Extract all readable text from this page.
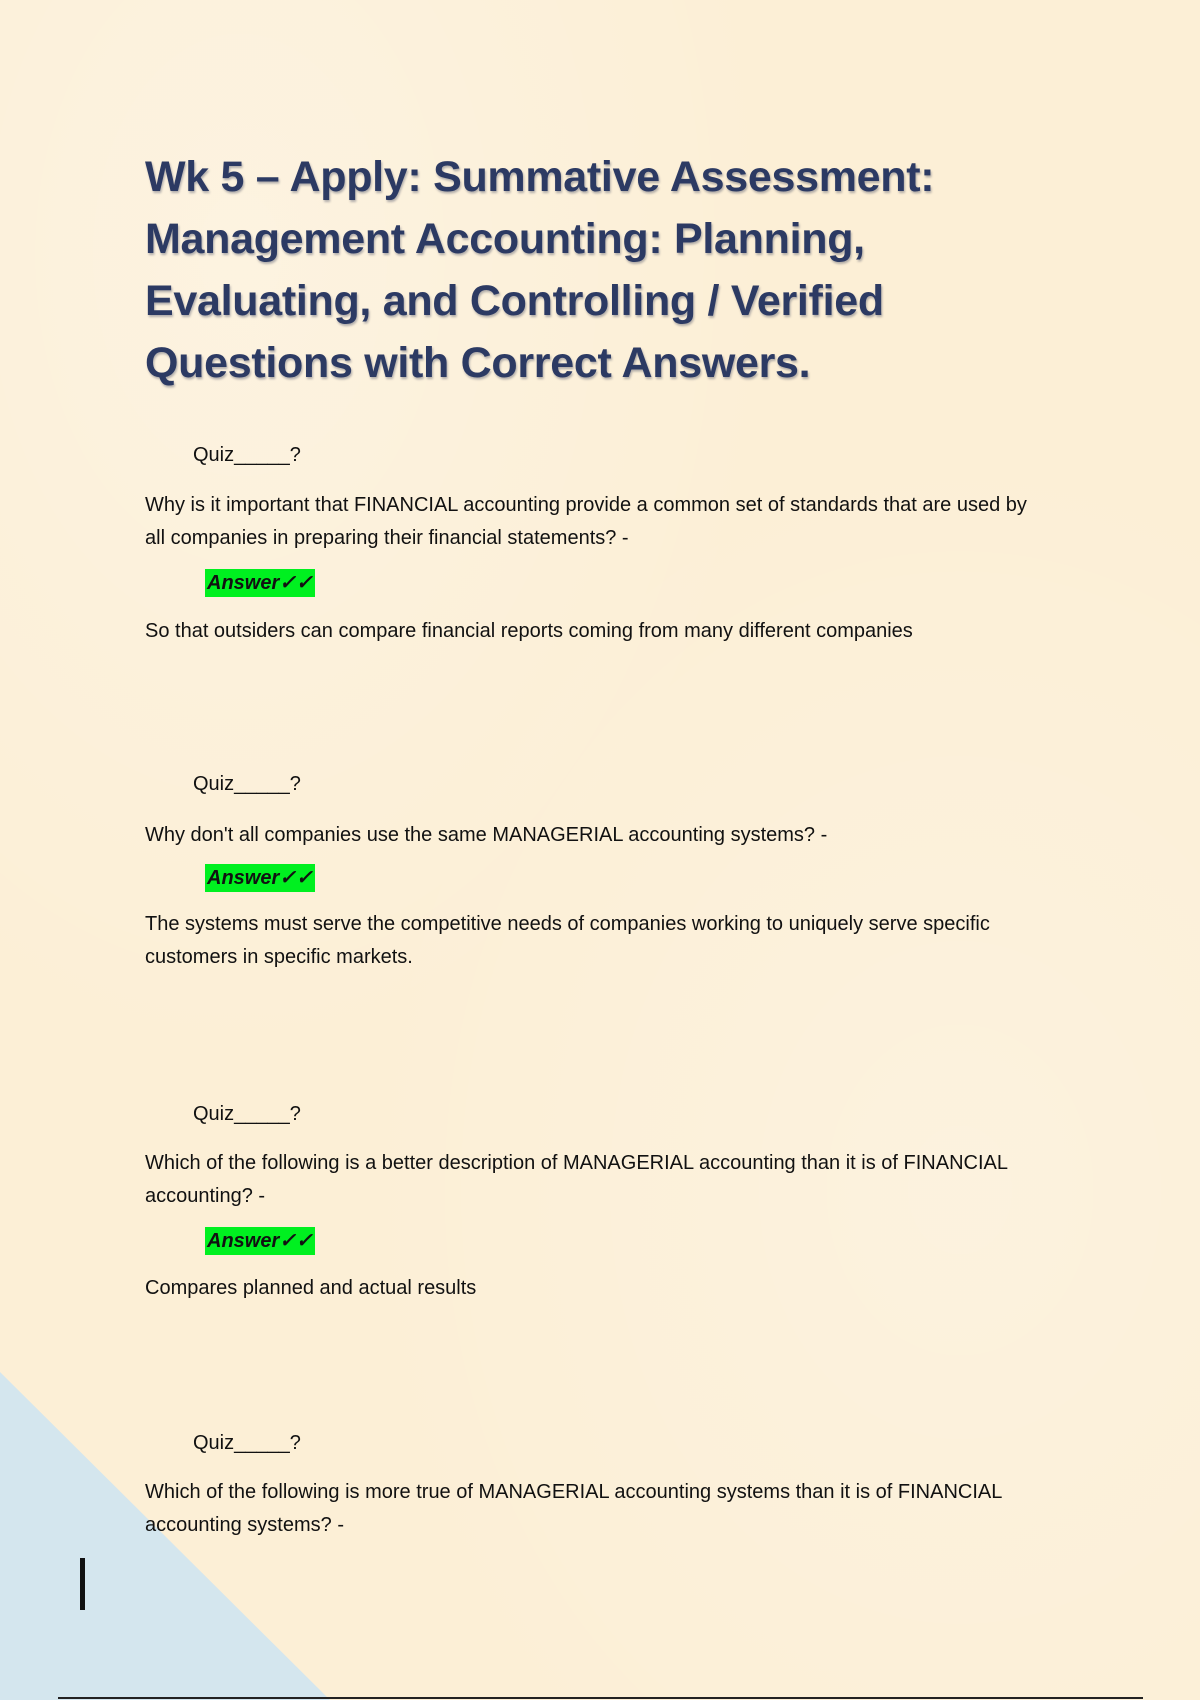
Wk 5 – Apply: Summative Assessment: Management Accounting: Planning, Evaluating, and Controlling / Verified Questions with Correct Answers.
Quiz_____?

Why is it important that FINANCIAL accounting provide a common set of standards that are used by all companies in preparing their financial statements? -

Answer✓✓

So that outsiders can compare financial reports coming from many different companies

Quiz_____?

Why don't all companies use the same MANAGERIAL accounting systems? -

Answer✓✓

The systems must serve the competitive needs of companies working to uniquely serve specific customers in specific markets.

Quiz_____?

Which of the following is a better description of MANAGERIAL accounting than it is of FINANCIAL accounting? -

Answer✓✓

Compares planned and actual results

Quiz_____?

Which of the following is more true of MANAGERIAL accounting systems than it is of FINANCIAL accounting systems? -
